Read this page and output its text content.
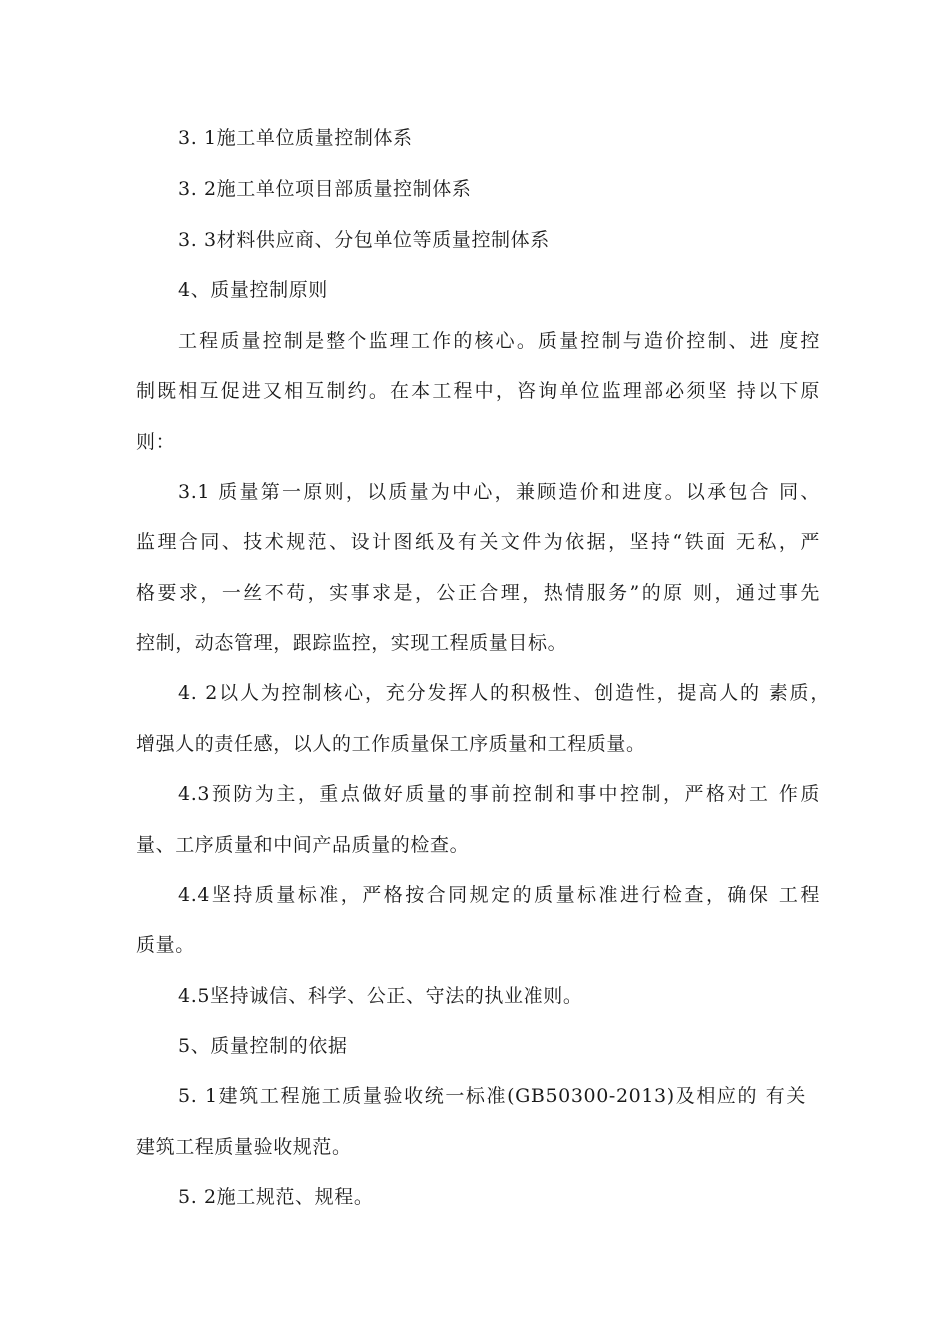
3. 1施工单位质量控制体系
3. 2施工单位项目部质量控制体系
3. 3材料供应商、分包单位等质量控制体系
4、质量控制原则
工程质量控制是整个监理工作的核心。质量控制与造价控制、进 度控
制既相互促进又相互制约。在本工程中，咨询单位监理部必须坚 持以下原
则：
3.1 质量第一原则，以质量为中心，兼顾造价和进度。以承包合 同、
监理合同、技术规范、设计图纸及有关文件为依据，坚持“铁面 无私，严
格要求，一丝不苟，实事求是，公正合理，热情服务”的原 则，通过事先
控制，动态管理，跟踪监控，实现工程质量目标。
4. 2以人为控制核心，充分发挥人的积极性、创造性，提高人的 素质，
增强人的责任感，以人的工作质量保工序质量和工程质量。
4.3预防为主，重点做好质量的事前控制和事中控制，严格对工 作质
量、工序质量和中间产品质量的检查。
4.4坚持质量标准，严格按合同规定的质量标准进行检查，确保 工程
质量。
4.5坚持诚信、科学、公正、守法的执业准则。
5、质量控制的依据
5. 1建筑工程施工质量验收统一标准(GB50300-2013)及相应的 有关
建筑工程质量验收规范。
5. 2施工规范、规程。
